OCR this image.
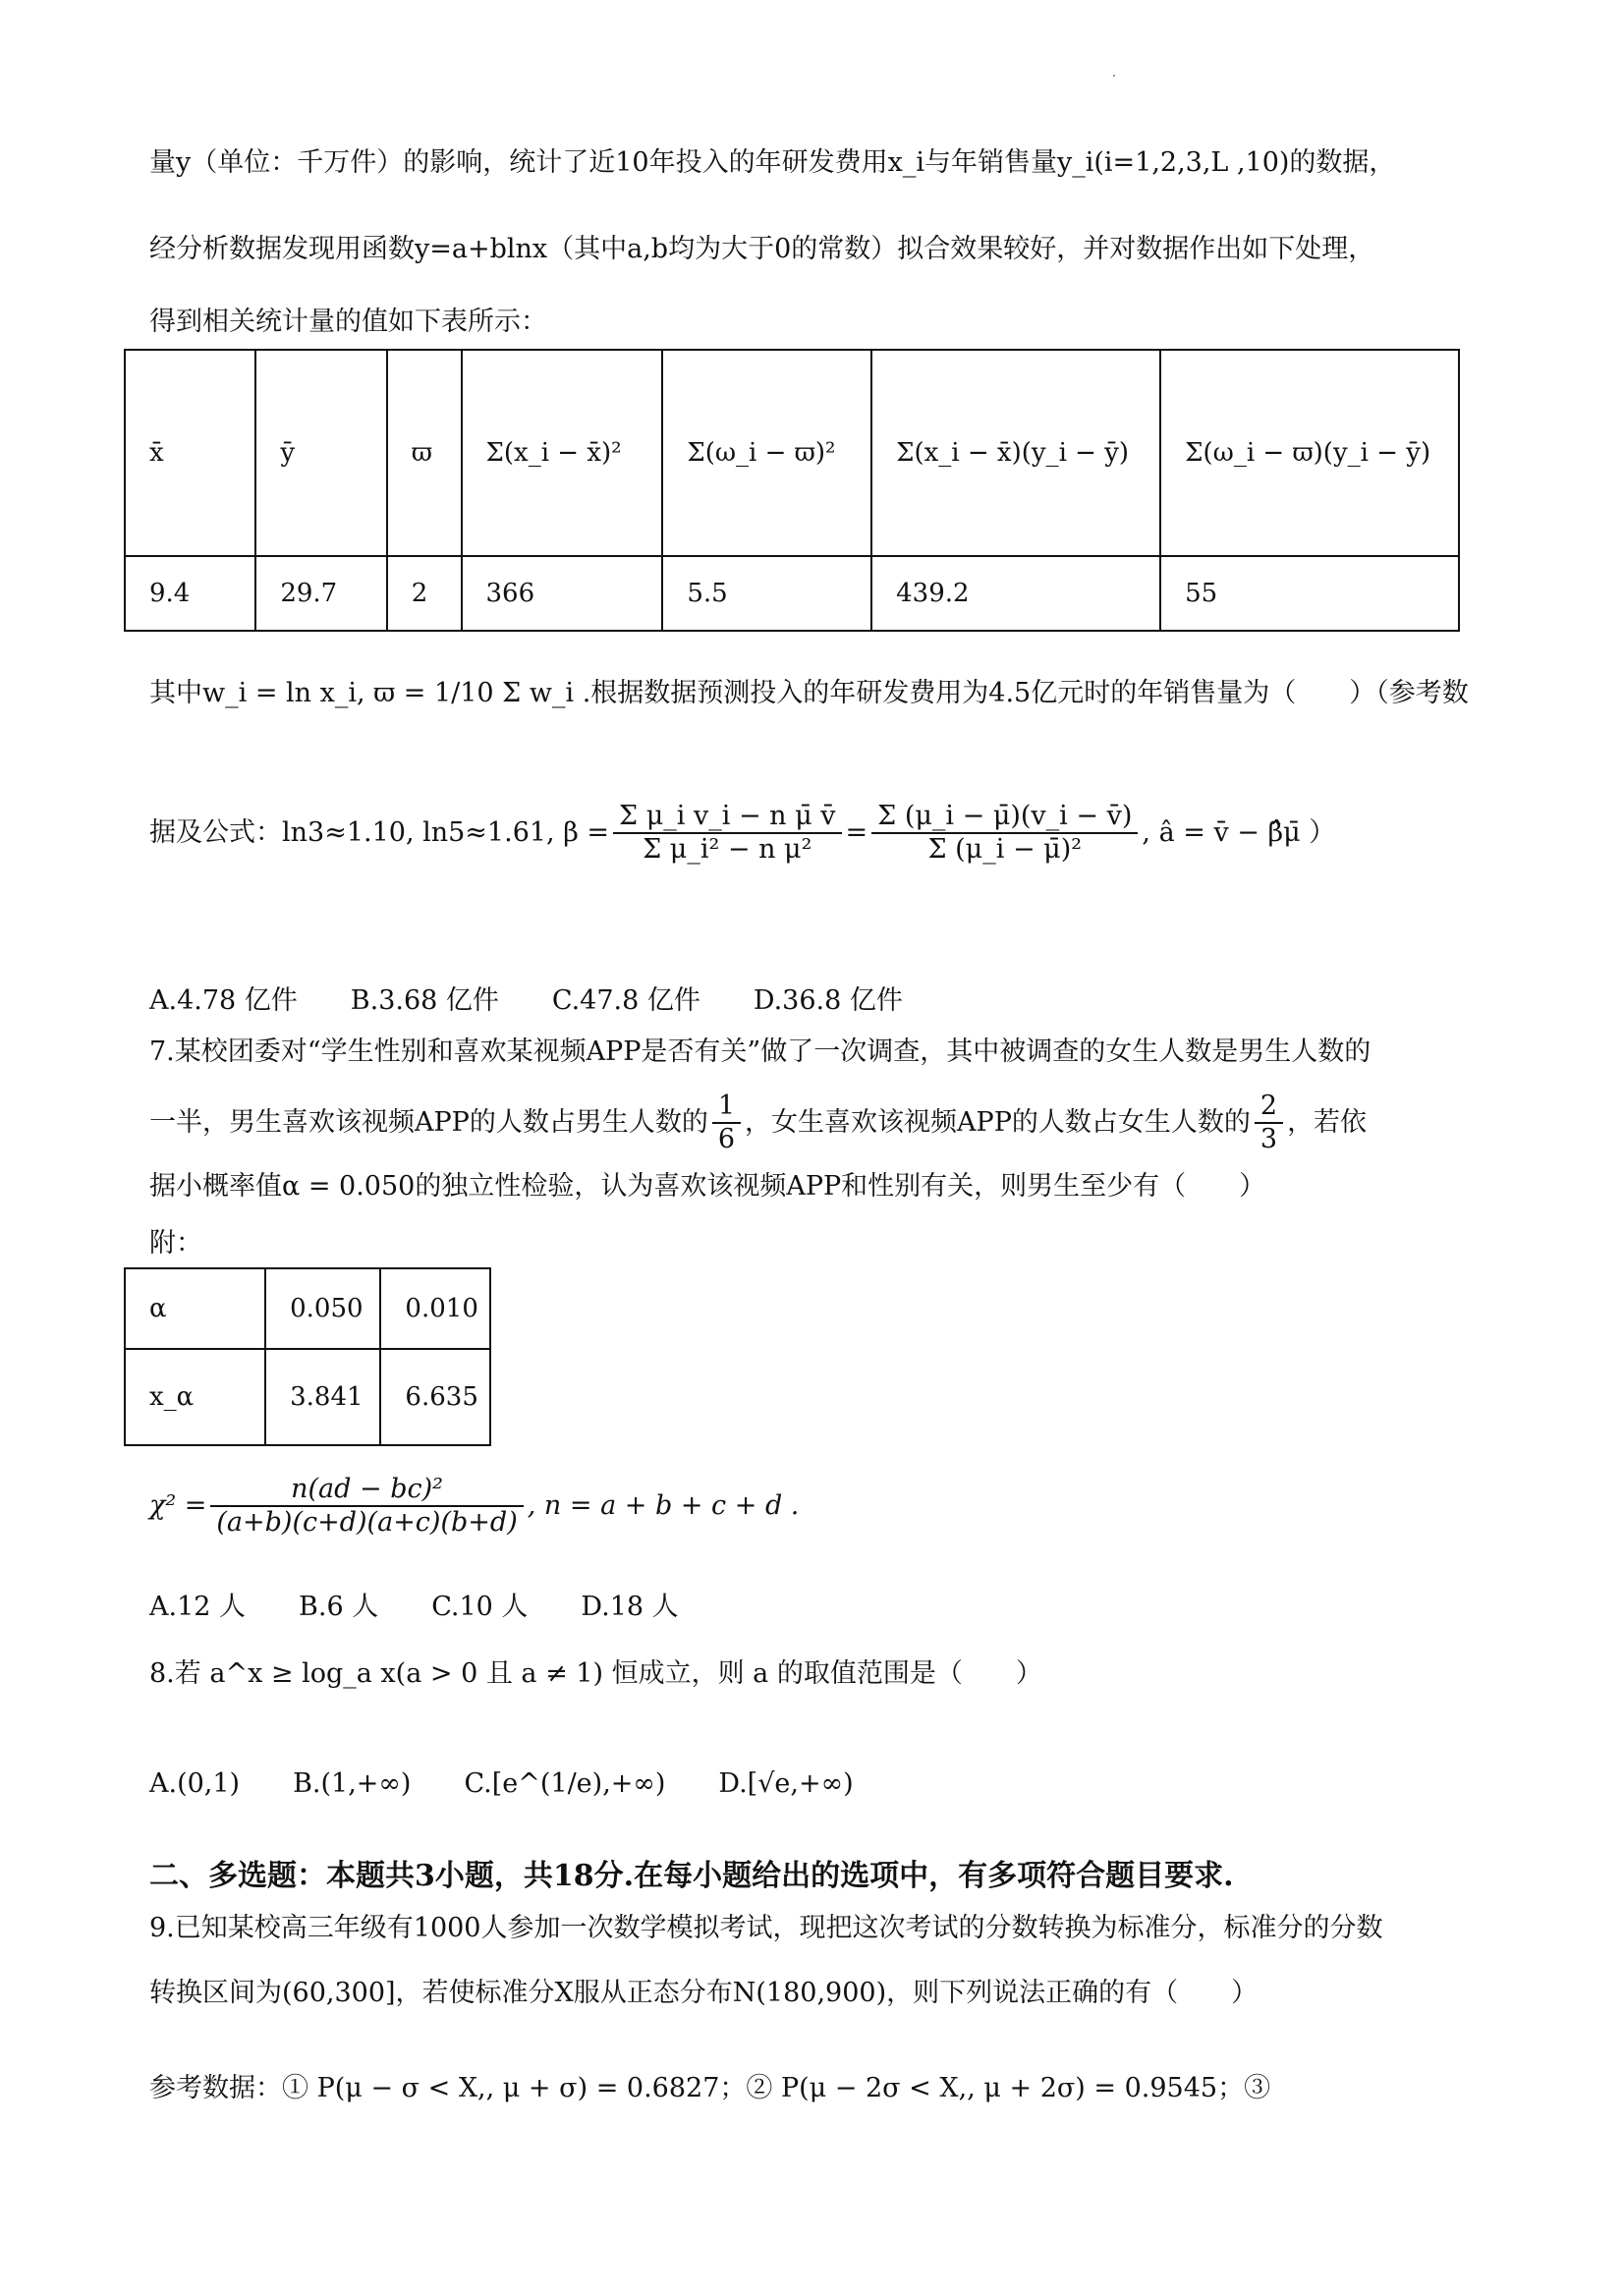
量y（单位：千万件）的影响，统计了近10年投入的年研发费用x_i与年销售量y_i(i=1,2,3,L ,10)的数据，
经分析数据发现用函数y=a+blnx（其中a,b均为大于0的常数）拟合效果较好，并对数据作出如下处理，
得到相关统计量的值如下表所示：
x̄	ȳ	ϖ	Σ(x_i − x̄)²	Σ(ω_i − ϖ)²	Σ(x_i − x̄)(y_i − ȳ)	Σ(ω_i − ϖ)(y_i − ȳ)
9.4	29.7	2	366	5.5	439.2	55
其中w_i = ln x_i, ϖ = 1/10 Σ w_i .根据数据预测投入的年研发费用为4.5亿元时的年销售量为（　　）（参考数
据及公式：ln3≈1.10, ln5≈1.61, $\beta = \frac{\text{Σ μ\_i v\_i − n μ̄ v̄}}{\text{Σ μ\_i² − n μ²}} = \frac{\Sigma (\mu\_i - \mū)(v\_i - v̄)}{\text{Σ (μ\_i − μ̄)²}}$ , â = v̄ − β̂μ̄ ）
A.4.78 亿件　　B.3.68 亿件　　C.47.8 亿件　　D.36.8 亿件
7.某校团委对“学生性别和喜欢某视频APP是否有关”做了一次调查，其中被调查的女生人数是男生人数的
一半，男生喜欢该视频APP的人数占男生人数的 $\frac{1}{6}$ ，女生喜欢该视频APP的人数占女生人数的 $\frac{2}{3}$ ，若依
据小概率值α = 0.050的独立性检验，认为喜欢该视频APP和性别有关，则男生至少有（　　）
附：
α	0.050	0.010
x_α	3.841	6.635
$\chi^2 = \frac{\text{n(ad − bc)²}}{(a+b)(c+d)(a+c)(b+d)}$ , n = a + b + c + d .
A.12 人　　B.6 人　　C.10 人　　D.18 人
8.若 a^x ≥ log_a x(a > 0 且 a ≠ 1) 恒成立，则 a 的取值范围是（　　）
A.(0,1)　　B.(1,+∞)　　C.[e^(1/e),+∞)　　D.[√e,+∞)
二、多选题：本题共3小题，共18分.在每小题给出的选项中，有多项符合题目要求.
9.已知某校高三年级有1000人参加一次数学模拟考试，现把这次考试的分数转换为标准分，标准分的分数
转换区间为(60,300]，若使标准分X服从正态分布N(180,900)，则下列说法正确的有（　　）
参考数据：① P(μ − σ < X,, μ + σ) = 0.6827；② P(μ − 2σ < X,, μ + 2σ) = 0.9545；③
